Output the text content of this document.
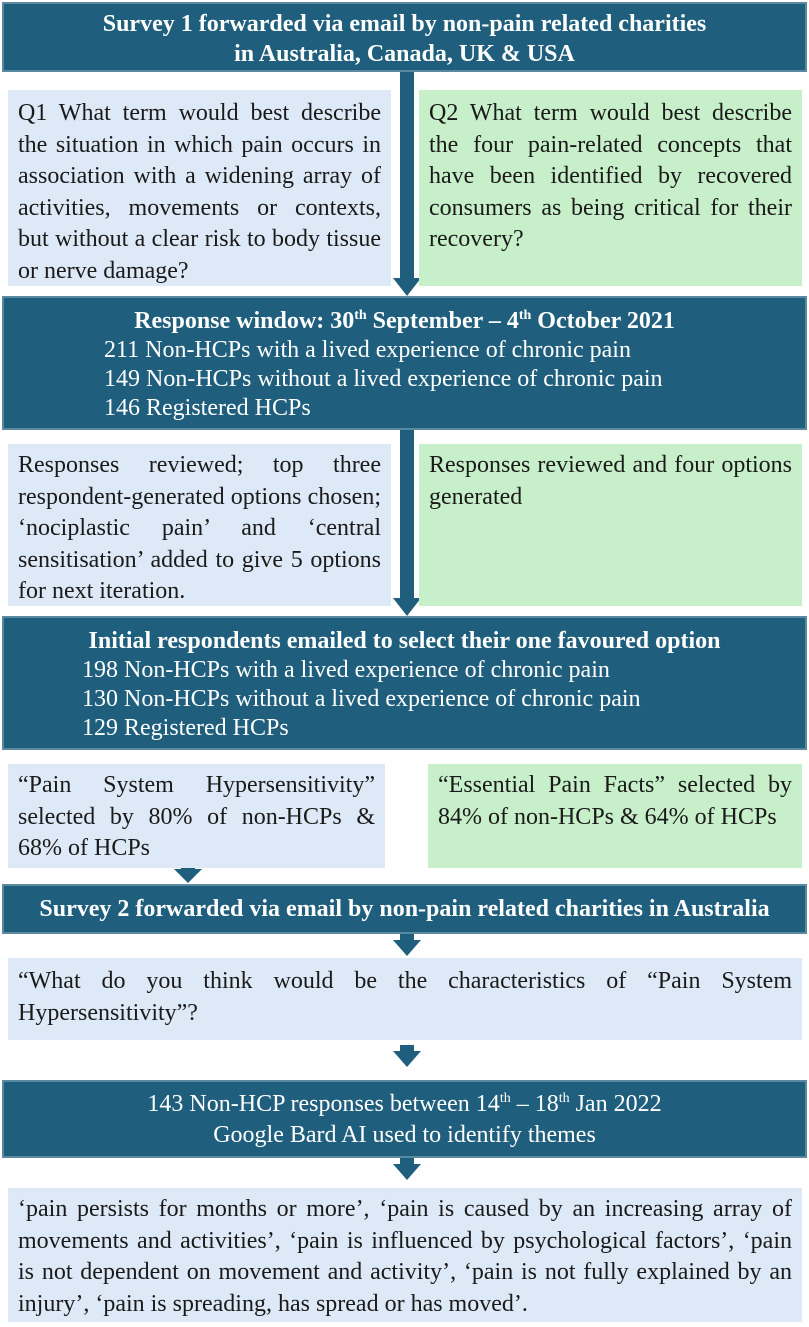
Survey 1 forwarded via email by non-pain related charities
in Australia, Canada, UK & USA
Q1 What term would best describe the situation in which pain occurs in association with a widening array of activities, movements or contexts, but without a clear risk to body tissue or nerve damage?
Q2 What term would best describe the four pain-related concepts that have been identified by recovered consumers as being critical for their recovery?
Response window: 30th September – 4th October 2021
211 Non-HCPs with a lived experience of chronic pain
149 Non-HCPs without a lived experience of chronic pain
146 Registered HCPs
Responses reviewed; top three respondent-generated options chosen; ‘nociplastic pain’ and ‘central sensitisation’ added to give 5 options for next iteration.
Responses reviewed and four options generated
Initial respondents emailed to select their one favoured option
198 Non-HCPs with a lived experience of chronic pain
130 Non-HCPs without a lived experience of chronic pain
129 Registered HCPs
“Pain System Hypersensitivity” selected by 80% of non-HCPs & 68% of HCPs
“Essential Pain Facts” selected by 84% of non-HCPs & 64% of HCPs
Survey 2 forwarded via email by non-pain related charities in Australia
“What do you think would be the characteristics of “Pain System Hypersensitivity”?
143 Non-HCP responses between 14th – 18th Jan 2022
Google Bard AI used to identify themes
‘pain persists for months or more’, ‘pain is caused by an increasing array of movements and activities’, ‘pain is influenced by psychological factors’, ‘pain is not dependent on movement and activity’, ‘pain is not fully explained by an injury’, ‘pain is spreading, has spread or has moved’.
